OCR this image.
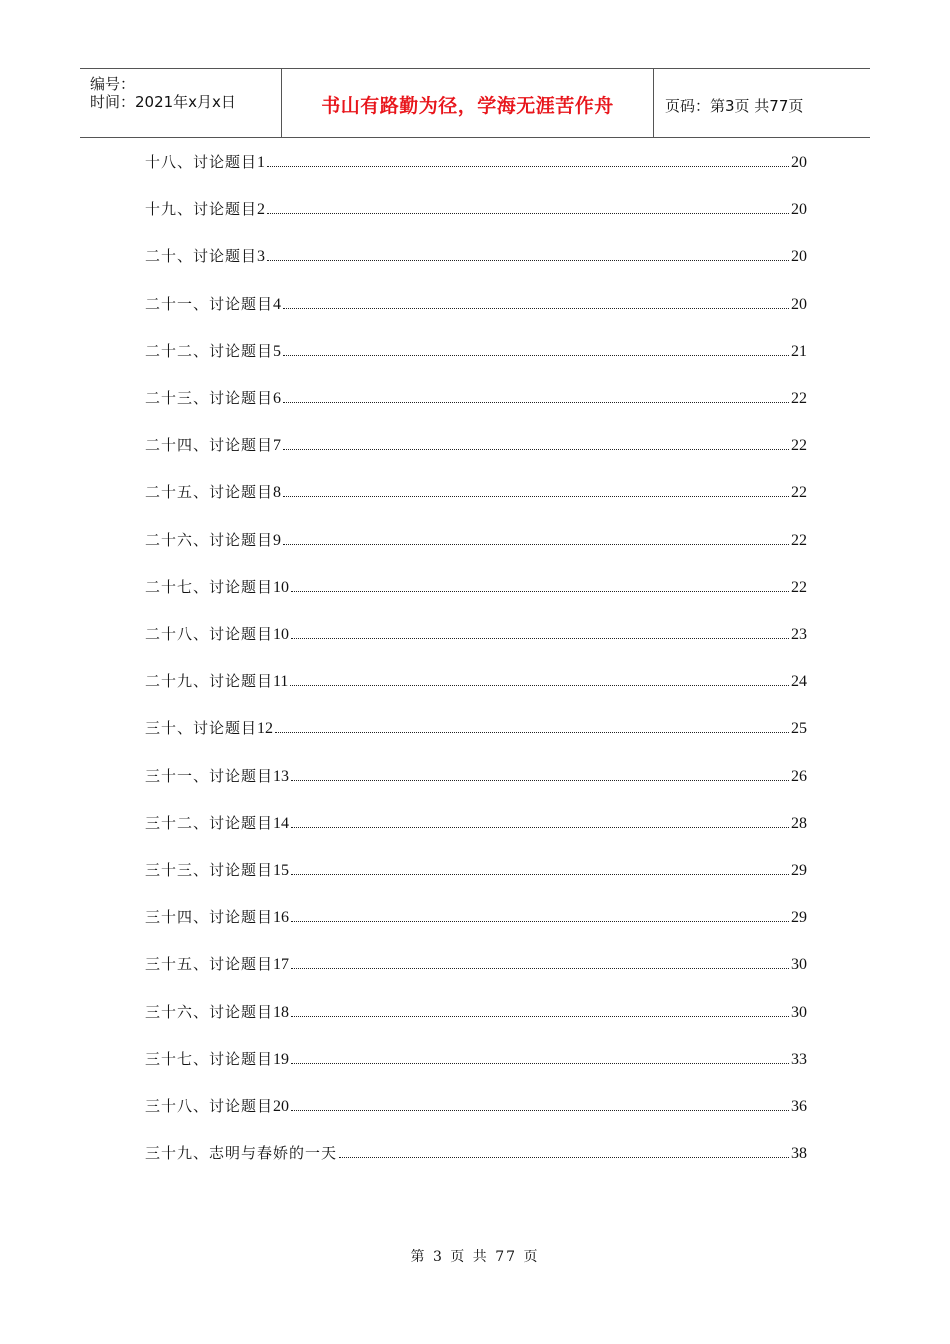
编号：
时间：2021年x月x日	书山有路勤为径，学海无涯苦作舟	页码：第3页 共77页
十八、讨论题目 1	20
十九、讨论题目 2	20
二十、讨论题目 3	20
二十一、讨论题目 4	20
二十二、讨论题目 5	21
二十三、讨论题目 6	22
二十四、讨论题目 7	22
二十五、讨论题目 8	22
二十六、讨论题目 9	22
二十七、讨论题目 10	22
二十八、讨论题目 10	23
二十九、讨论题目 11	24
三十、讨论题目 12	25
三十一、讨论题目 13	26
三十二、讨论题目 14	28
三十三、讨论题目 15	29
三十四、讨论题目 16	29
三十五、讨论题目 17	30
三十六、讨论题目 18	30
三十七、讨论题目 19	33
三十八、讨论题目 20	36
三十九、志明与春娇的一天	38
第 3 页 共 77 页
